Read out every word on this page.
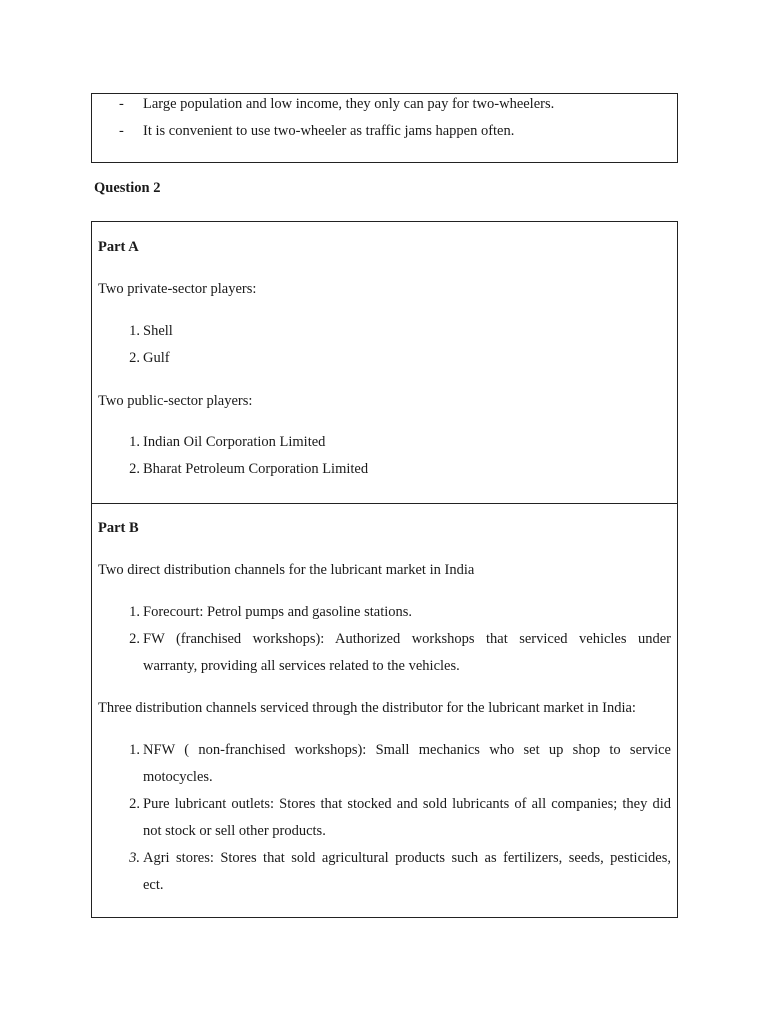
- Large population and low income, they only can pay for two-wheelers.
- It is convenient to use two-wheeler as traffic jams happen often.
Question 2
Part A
Two private-sector players:
1. Shell
2. Gulf
Two public-sector players:
1. Indian Oil Corporation Limited
2. Bharat Petroleum Corporation Limited
Part B
Two direct distribution channels for the lubricant market in India
1. Forecourt: Petrol pumps and gasoline stations.
2. FW (franchised workshops): Authorized workshops that serviced vehicles under
warranty, providing all services related to the vehicles.
Three distribution channels serviced through the distributor for the lubricant market in India:
1. NFW ( non-franchised workshops): Small mechanics who set up shop to service
motocycles.
2. Pure lubricant outlets: Stores that stocked and sold lubricants of all companies; they did
not stock or sell other products.
3. Agri stores: Stores that sold agricultural products such as fertilizers, seeds, pesticides,
ect.
